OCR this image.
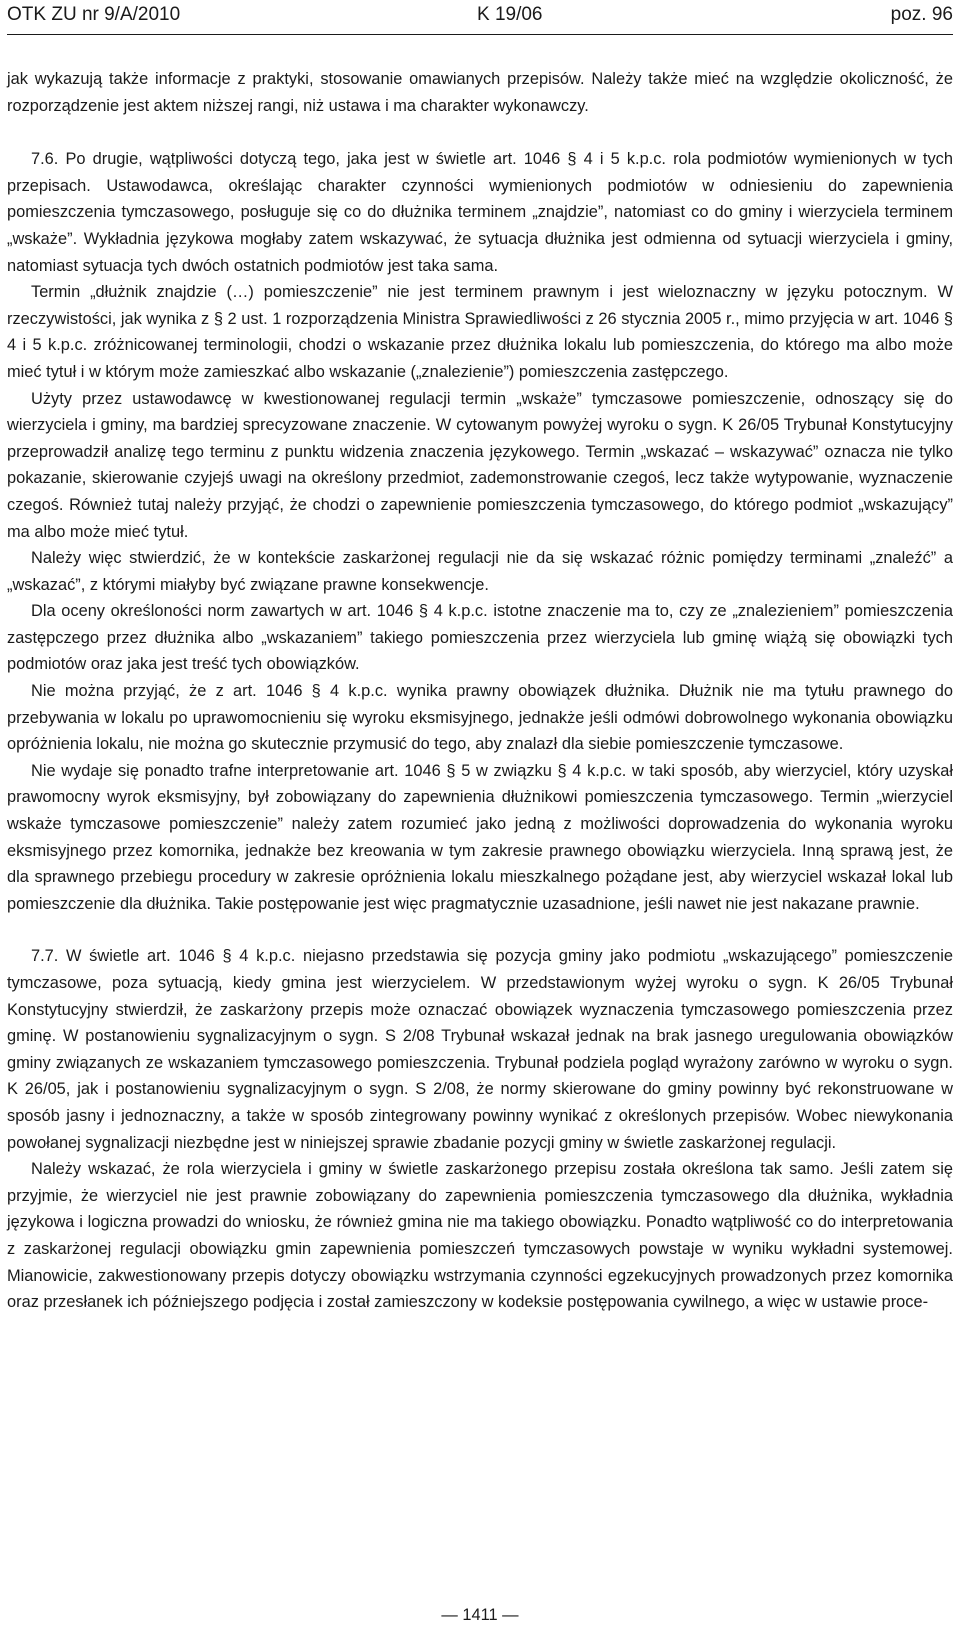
OTK ZU nr 9/A/2010	K 19/06	poz. 96

jak wykazują także informacje z praktyki, stosowanie omawianych przepisów. Należy także mieć na względzie okoliczność, że rozporządzenie jest aktem niższej rangi, niż ustawa i ma charakter wykonawczy.

7.6. Po drugie, wątpliwości dotyczą tego, jaka jest w świetle art. 1046 § 4 i 5 k.p.c. rola podmiotów wymienionych w tych przepisach. Ustawodawca, określając charakter czynności wymienionych podmiotów w odniesieniu do zapewnienia pomieszczenia tymczasowego, posługuje się co do dłużnika terminem „znajdzie”, natomiast co do gminy i wierzyciela terminem „wskaże”. Wykładnia językowa mogłaby zatem wskazywać, że sytuacja dłużnika jest odmienna od sytuacji wierzyciela i gminy, natomiast sytuacja tych dwóch ostatnich podmiotów jest taka sama.

Termin „dłużnik znajdzie (…) pomieszczenie” nie jest terminem prawnym i jest wieloznaczny w języku potocznym. W rzeczywistości, jak wynika z § 2 ust. 1 rozporządzenia Ministra Sprawiedliwości z 26 stycznia 2005 r., mimo przyjęcia w art. 1046 § 4 i 5 k.p.c. zróżnicowanej terminologii, chodzi o wskazanie przez dłużnika lokalu lub pomieszczenia, do którego ma albo może mieć tytuł i w którym może zamieszkać albo wskazanie („znalezienie”) pomieszczenia zastępczego.

Użyty przez ustawodawcę w kwestionowanej regulacji termin „wskaże” tymczasowe pomieszczenie, odnoszący się do wierzyciela i gminy, ma bardziej sprecyzowane znaczenie. W cytowanym powyżej wyroku o sygn. K 26/05 Trybunał Konstytucyjny przeprowadził analizę tego terminu z punktu widzenia znaczenia językowego. Termin „wskazać – wskazywać” oznacza nie tylko pokazanie, skierowanie czyjejś uwagi na określony przedmiot, zademonstrowanie czegoś, lecz także wytypowanie, wyznaczenie czegoś. Również tutaj należy przyjąć, że chodzi o zapewnienie pomieszczenia tymczasowego, do którego podmiot „wskazujący” ma albo może mieć tytuł.

Należy więc stwierdzić, że w kontekście zaskarżonej regulacji nie da się wskazać różnic pomiędzy terminami „znaleźć” a „wskazać”, z którymi miałyby być związane prawne konsekwencje.

Dla oceny określoności norm zawartych w art. 1046 § 4 k.p.c. istotne znaczenie ma to, czy ze „znalezieniem” pomieszczenia zastępczego przez dłużnika albo „wskazaniem” takiego pomieszczenia przez wierzyciela lub gminę wiążą się obowiązki tych podmiotów oraz jaka jest treść tych obowiązków.

Nie można przyjąć, że z art. 1046 § 4 k.p.c. wynika prawny obowiązek dłużnika. Dłużnik nie ma tytułu prawnego do przebywania w lokalu po uprawomocnieniu się wyroku eksmisyjnego, jednakże jeśli odmówi dobrowolnego wykonania obowiązku opróżnienia lokalu, nie można go skutecznie przymusić do tego, aby znalazł dla siebie pomieszczenie tymczasowe.

Nie wydaje się ponadto trafne interpretowanie art. 1046 § 5 w związku § 4 k.p.c. w taki sposób, aby wierzyciel, który uzyskał prawomocny wyrok eksmisyjny, był zobowiązany do zapewnienia dłużnikowi pomieszczenia tymczasowego. Termin „wierzyciel wskaże tymczasowe pomieszczenie” należy zatem rozumieć jako jedną z możliwości doprowadzenia do wykonania wyroku eksmisyjnego przez komornika, jednakże bez kreowania w tym zakresie prawnego obowiązku wierzyciela. Inną sprawą jest, że dla sprawnego przebiegu procedury w zakresie opróżnienia lokalu mieszkalnego pożądane jest, aby wierzyciel wskazał lokal lub pomieszczenie dla dłużnika. Takie postępowanie jest więc pragmatycznie uzasadnione, jeśli nawet nie jest nakazane prawnie.

7.7. W świetle art. 1046 § 4 k.p.c. niejasno przedstawia się pozycja gminy jako podmiotu „wskazującego” pomieszczenie tymczasowe, poza sytuacją, kiedy gmina jest wierzycielem. W przedstawionym wyżej wyroku o sygn. K 26/05 Trybunał Konstytucyjny stwierdził, że zaskarżony przepis może oznaczać obowiązek wyznaczenia tymczasowego pomieszczenia przez gminę. W postanowieniu sygnalizacyjnym o sygn. S 2/08 Trybunał wskazał jednak na brak jasnego uregulowania obowiązków gminy związanych ze wskazaniem tymczasowego pomieszczenia. Trybunał podziela pogląd wyrażony zarówno w wyroku o sygn. K 26/05, jak i postanowieniu sygnalizacyjnym o sygn. S 2/08, że normy skierowane do gminy powinny być rekonstruowane w sposób jasny i jednoznaczny, a także w sposób zintegrowany powinny wynikać z określonych przepisów. Wobec niewykonania powołanej sygnalizacji niezbędne jest w niniejszej sprawie zbadanie pozycji gminy w świetle zaskarżonej regulacji.

Należy wskazać, że rola wierzyciela i gminy w świetle zaskarżonego przepisu została określona tak samo. Jeśli zatem się przyjmie, że wierzyciel nie jest prawnie zobowiązany do zapewnienia pomieszczenia tymczasowego dla dłużnika, wykładnia językowa i logiczna prowadzi do wniosku, że również gmina nie ma takiego obowiązku. Ponadto wątpliwość co do interpretowania z zaskarżonej regulacji obowiązku gmin zapewnienia pomieszczeń tymczasowych powstaje w wyniku wykładni systemowej. Mianowicie, zakwestionowany przepis dotyczy obowiązku wstrzymania czynności egzekucyjnych prowadzonych przez komornika oraz przesłanek ich późniejszego podjęcia i został zamieszczony w kodeksie postępowania cywilnego, a więc w ustawie proce-

— 1411 —
